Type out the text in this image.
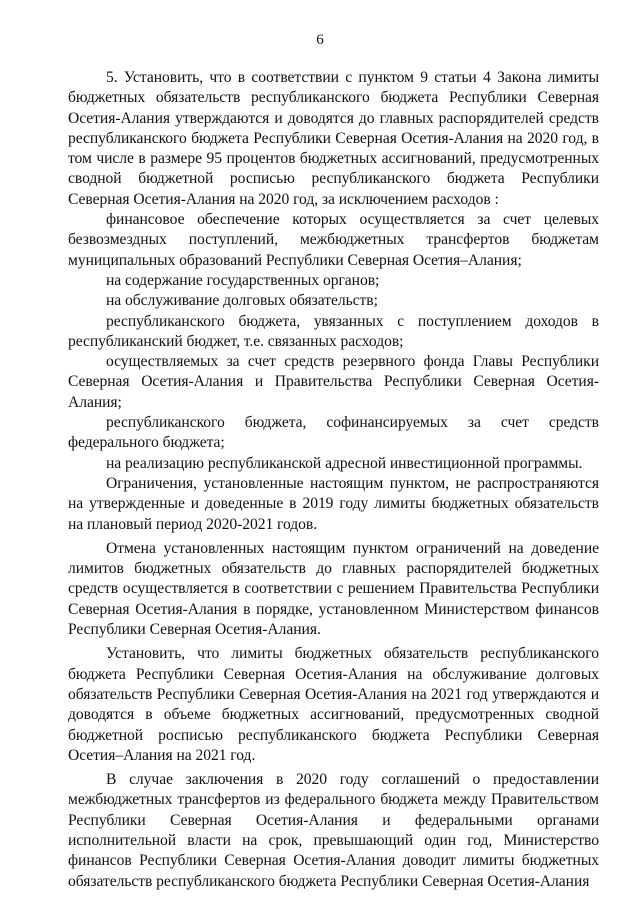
6

5. Установить, что в соответствии с пунктом 9 статьи 4 Закона лимиты бюджетных обязательств республиканского бюджета Республики Северная Осетия-Алания утверждаются и доводятся до главных распорядителей средств республиканского бюджета Республики Северная Осетия-Алания на 2020 год, в том числе в размере 95 процентов бюджетных ассигнований, предусмотренных сводной бюджетной росписью республиканского бюджета Республики Северная Осетия-Алания на 2020 год, за исключением расходов :

финансовое обеспечение которых осуществляется за счет целевых безвозмездных поступлений, межбюджетных трансфертов бюджетам муниципальных образований Республики Северная Осетия–Алания;

на содержание государственных органов;

на обслуживание долговых обязательств;

республиканского бюджета, увязанных с поступлением доходов в республиканский бюджет, т.е. связанных расходов;

осуществляемых за счет средств резервного фонда Главы Республики Северная Осетия-Алания и Правительства Республики Северная Осетия-Алания;

республиканского бюджета, софинансируемых за счет средств федерального бюджета;

на реализацию республиканской адресной инвестиционной программы.

Ограничения, установленные настоящим пунктом, не распространяются на утвержденные и доведенные в 2019 году лимиты бюджетных обязательств на плановый период 2020-2021 годов.

Отмена установленных настоящим пунктом ограничений на доведение лимитов бюджетных обязательств до главных распорядителей бюджетных средств осуществляется в соответствии с решением Правительства Республики Северная Осетия-Алания в порядке, установленном Министерством финансов Республики Северная Осетия-Алания.

Установить, что лимиты бюджетных обязательств республиканского бюджета Республики Северная Осетия-Алания на обслуживание долговых обязательств Республики Северная Осетия-Алания на 2021 год утверждаются и доводятся в объеме бюджетных ассигнований, предусмотренных сводной бюджетной росписью республиканского бюджета Республики Северная Осетия–Алания на 2021 год.

В случае заключения в 2020 году соглашений о предоставлении межбюджетных трансфертов из федерального бюджета между Правительством Республики Северная Осетия-Алания и федеральными органами исполнительной власти на срок, превышающий один год, Министерство финансов Республики Северная Осетия-Алания доводит лимиты бюджетных обязательств республиканского бюджета Республики Северная Осетия-Алания
